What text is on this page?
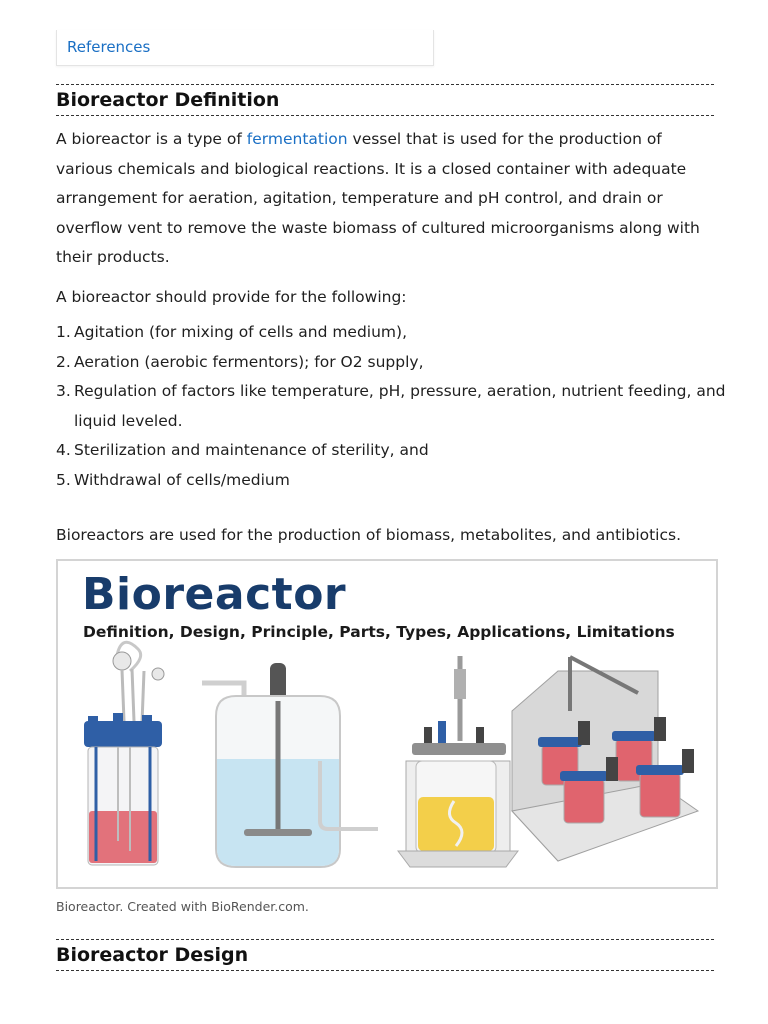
References
Bioreactor Definition

A bioreactor is a type of fermentation vessel that is used for the production of various chemicals and biological reactions. It is a closed container with adequate arrangement for aeration, agitation, temperature and pH control, and drain or overflow vent to remove the waste biomass of cultured microorganisms along with their products.

A bioreactor should provide for the following:

1. Agitation (for mixing of cells and medium),
2. Aeration (aerobic fermentors); for O2 supply,
3. Regulation of factors like temperature, pH, pressure, aeration, nutrient feeding, and liquid leveled.
4. Sterilization and maintenance of sterility, and
5. Withdrawal of cells/medium

Bioreactors are used for the production of biomass, metabolites, and antibiotics.

Bioreactor
Definition, Design, Principle, Parts, Types, Applications, Limitations
Bioreactor. Created with BioRender.com.
Bioreactor Design
